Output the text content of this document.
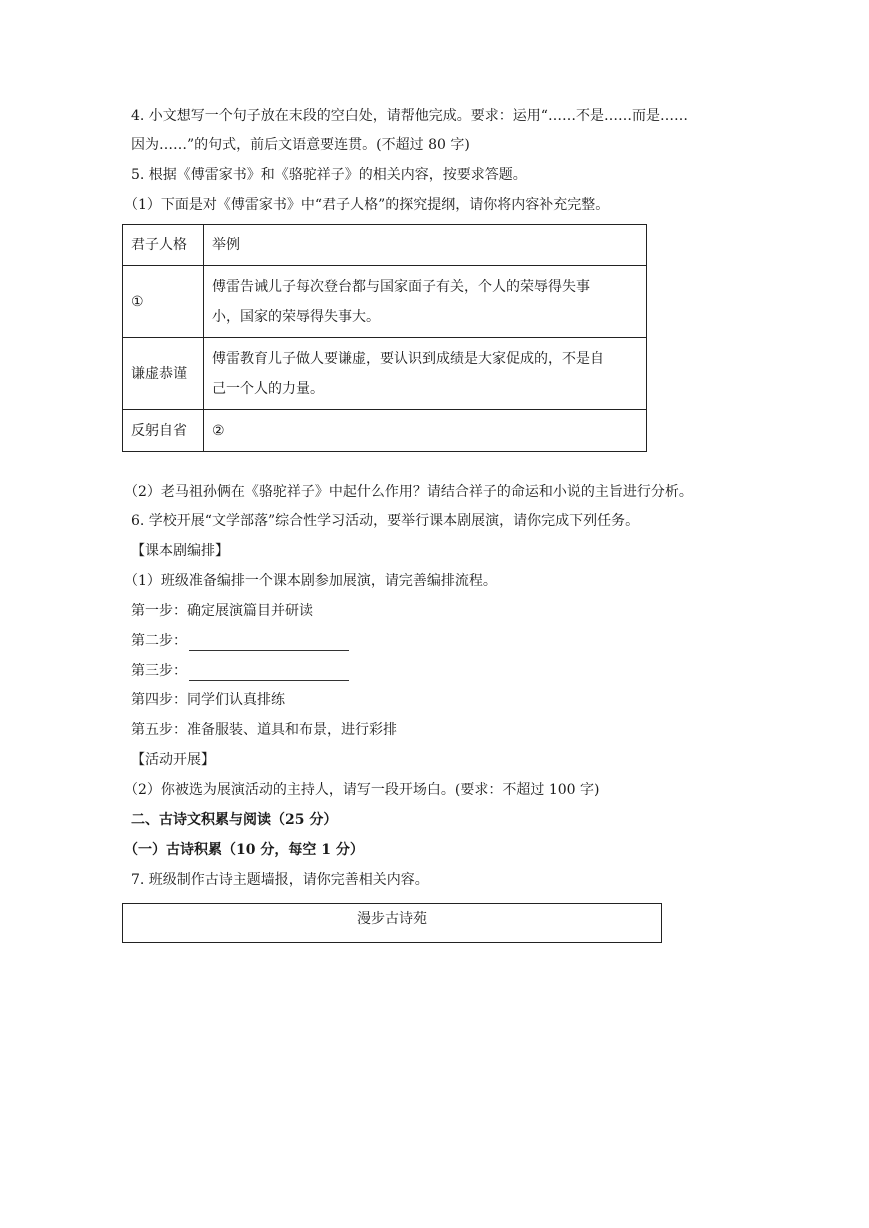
4. 小文想写一个句子放在末段的空白处，请帮他完成。要求：运用“……不是……而是……
因为……”的句式，前后文语意要连贯。(不超过 80 字)
5. 根据《傅雷家书》和《骆驼祥子》的相关内容，按要求答题。
（1）下面是对《傅雷家书》中“君子人格”的探究提纲，请你将内容补充完整。
君子人格	举例
①	傅雷告诫儿子每次登台都与国家面子有关，个人的荣辱得失事
小，国家的荣辱得失事大。

谦虚恭谨	傅雷教育儿子做人要谦虚，要认识到成绩是大家促成的，不是自
己一个人的力量。

反躬自省	②
（2）老马祖孙俩在《骆驼祥子》中起什么作用？请结合祥子的命运和小说的主旨进行分析。
6. 学校开展“文学部落”综合性学习活动，要举行课本剧展演，请你完成下列任务。
【课本剧编排】
（1）班级准备编排一个课本剧参加展演，请完善编排流程。
第一步：确定展演篇目并研读
第二步：
第三步：
第四步：同学们认真排练
第五步：准备服装、道具和布景，进行彩排
【活动开展】
（2）你被选为展演活动的主持人，请写一段开场白。(要求：不超过 100 字)
二、古诗文积累与阅读（25 分）
（一）古诗积累（10 分，每空 1 分）
7. 班级制作古诗主题墙报，请你完善相关内容。
漫步古诗苑
